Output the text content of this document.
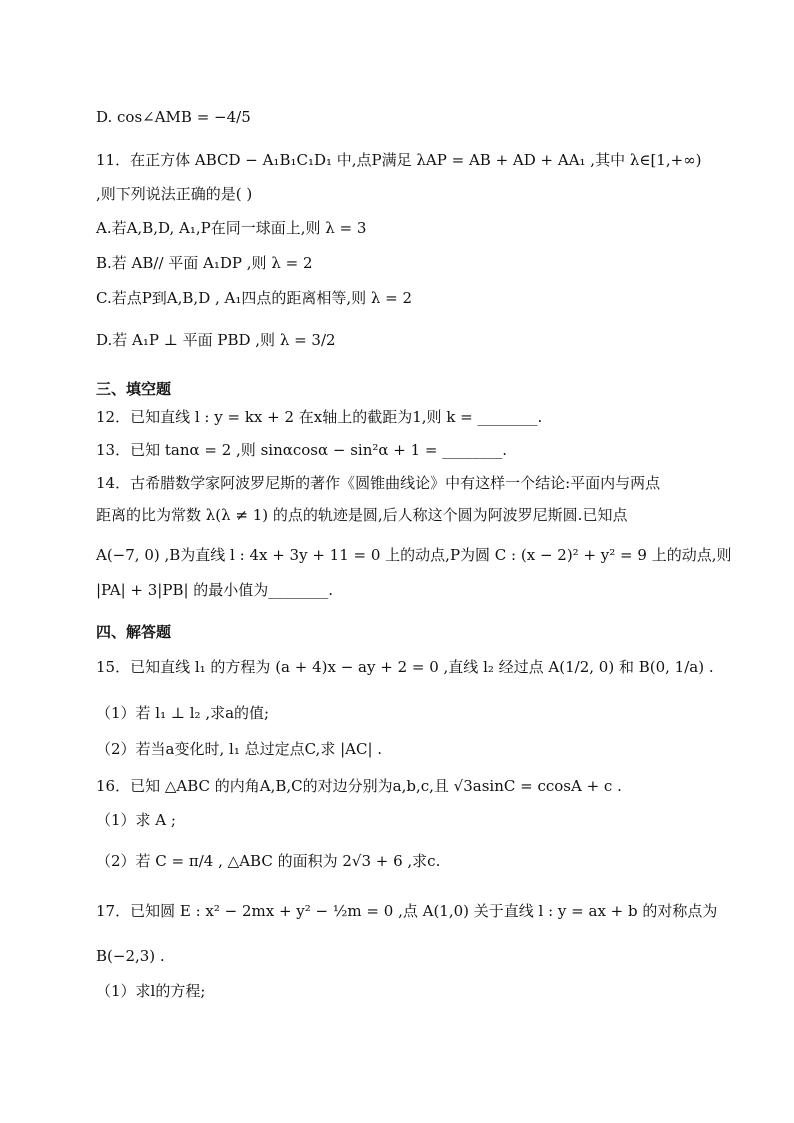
D. cos∠AMB = −4/5
11．在正方体 ABCD − A₁B₁C₁D₁ 中,点P满足 λAP = AB + AD + AA₁ ,其中 λ∈[1,+∞)
,则下列说法正确的是( )
A.若A,B,D, A₁,P在同一球面上,则 λ = 3
B.若 AB// 平面 A₁DP ,则 λ = 2
C.若点P到A,B,D , A₁四点的距离相等,则 λ = 2
D.若 A₁P ⊥ 平面 PBD ,则 λ = 3/2
三、填空题
12．已知直线 l : y = kx + 2 在x轴上的截距为1,则 k = ________.
13．已知 tanα = 2 ,则 sinαcosα − sin²α + 1 = ________.
14．古希腊数学家阿波罗尼斯的著作《圆锥曲线论》中有这样一个结论:平面内与两点
距离的比为常数 λ(λ ≠ 1) 的点的轨迹是圆,后人称这个圆为阿波罗尼斯圆.已知点
A(−7, 0) ,B为直线 l : 4x + 3y + 11 = 0 上的动点,P为圆 C : (x − 2)² + y² = 9 上的动点,则
|PA| + 3|PB| 的最小值为________.
四、解答题
15．已知直线 l₁ 的方程为 (a + 4)x − ay + 2 = 0 ,直线 l₂ 经过点 A(1/2, 0) 和 B(0, 1/a) .
（1）若 l₁ ⊥ l₂ ,求a的值;
（2）若当a变化时, l₁ 总过定点C,求 |AC| .
16．已知 △ABC 的内角A,B,C的对边分别为a,b,c,且 √3asinC = ccosA + c .
（1）求 A ;
（2）若 C = π/4 , △ABC 的面积为 2√3 + 6 ,求c.
17．已知圆 E : x² − 2mx + y² − ½m = 0 ,点 A(1,0) 关于直线 l : y = ax + b 的对称点为
B(−2,3) .
（1）求l的方程;
